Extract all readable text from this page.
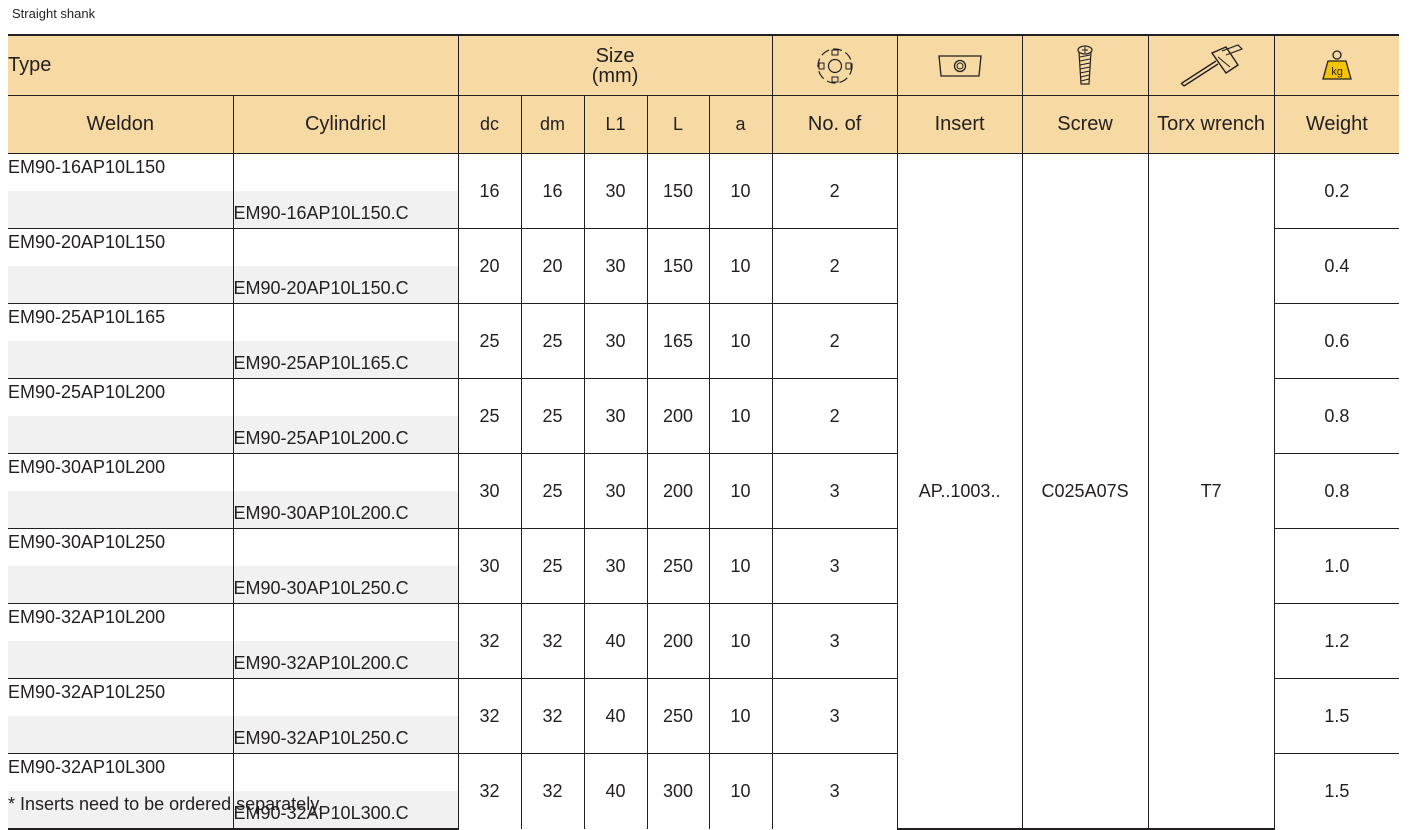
Straight shank
Type		Size
(mm)									kg

Weldon	Cylindricl	dc	dm	L1	L	a	No. of	Insert	Screw	Torx wrench	Weight
EM90-16AP10L150		16	16	30	150	10	2	AP..1003..	C025A07S	T7	0.2
	EM90-16AP10L150.C										
EM90-20AP10L150		20	20	30	150	10	2				0.4
	EM90-20AP10L150.C										
EM90-25AP10L165		25	25	30	165	10	2				0.6
	EM90-25AP10L165.C										
EM90-25AP10L200		25	25	30	200	10	2				0.8
	EM90-25AP10L200.C										
EM90-30AP10L200		30	25	30	200	10	3				0.8
	EM90-30AP10L200.C										
EM90-30AP10L250		30	25	30	250	10	3				1.0
	EM90-30AP10L250.C										
EM90-32AP10L200		32	32	40	200	10	3				1.2
	EM90-32AP10L200.C										
EM90-32AP10L250		32	32	40	250	10	3				1.5
	EM90-32AP10L250.C										
EM90-32AP10L300		32	32	40	300	10	3				1.5
	EM90-32AP10L300.C										
* Inserts need to be ordered separately.
